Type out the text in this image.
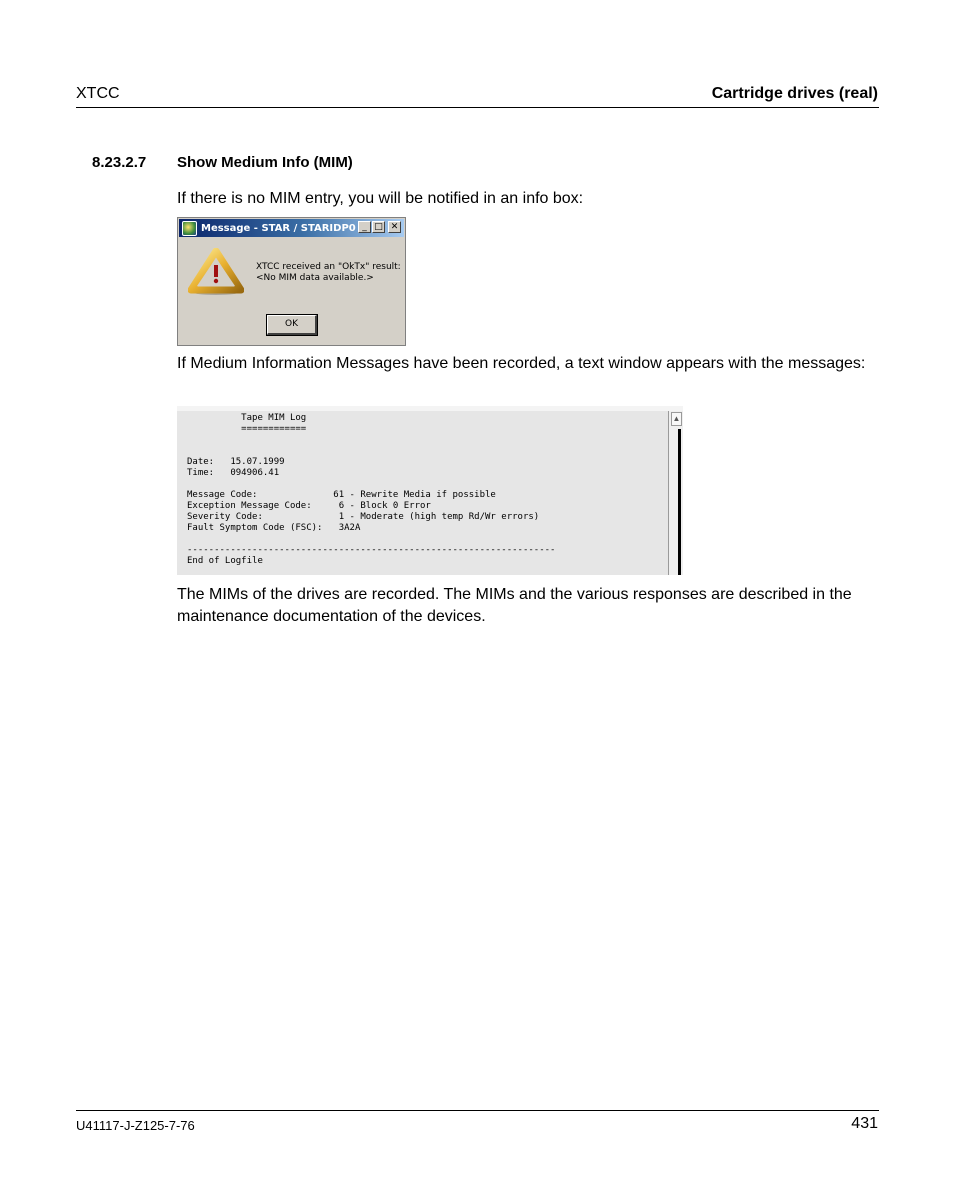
XTCC	Cartridge drives (real)
8.23.2.7 Show Medium Info (MIM)
If there is no MIM entry, you will be notified in an info box:
Message - STAR / STARIDP0 _ □ ✕
XTCC received an "OkTx" result:
<No MIM data available.>
OK
If Medium Information Messages have been recorded, a text window appears with the messages:
Tape MIM Log
============

Date:   15.07.1999
Time:   094906.41

Message Code:              61 - Rewrite Media if possible
Exception Message Code:     6 - Block 0 Error
Severity Code:              1 - Moderate (high temp Rd/Wr errors)
Fault Symptom Code (FSC):   3A2A

--------------------------------------------------------------------
End of Logfile
▲
The MIMs of the drives are recorded. The MIMs and the various responses are described in the maintenance documentation of the devices.
U41117-J-Z125-7-76	431
